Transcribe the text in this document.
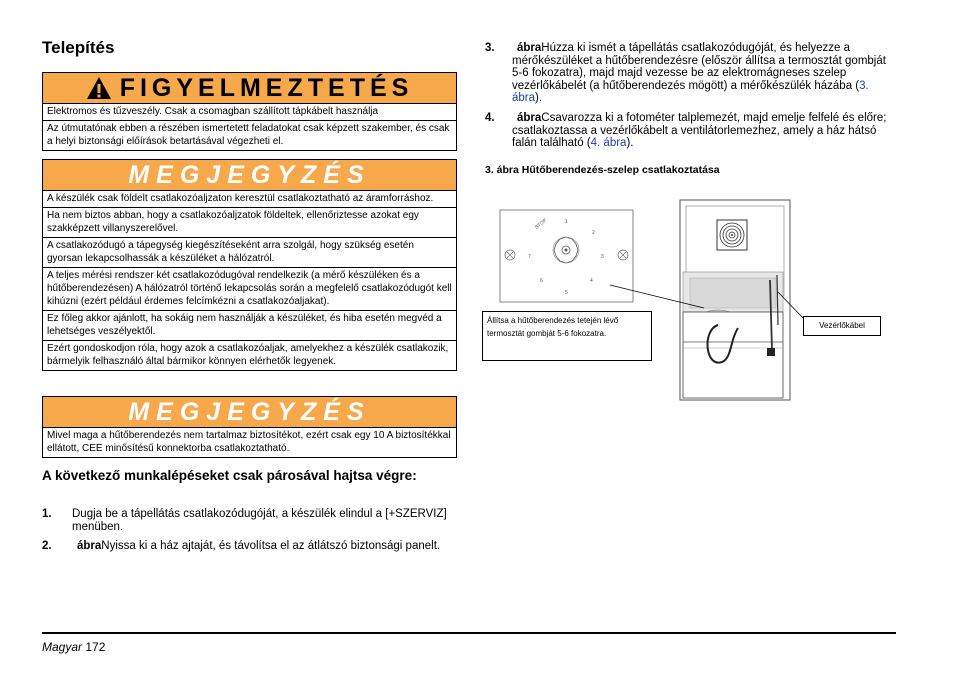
Telepítés
FIGYELMEZTETÉS
Elektromos és tűzveszély. Csak a csomagban szállított tápkábelt használja
Az útmutatónak ebben a részében ismertetett feladatokat csak képzett szakember, és csak a helyi biztonsági előírások betartásával végezheti el.
MEGJEGYZÉS
A készülék csak földelt csatlakozóaljzaton keresztül csatlakoztatható az áramforráshoz.
Ha nem biztos abban, hogy a csatlakozóaljzatok földeltek, ellenőriztesse azokat egy szakképzett villanyszerelővel.
A csatlakozódugó a tápegység kiegészítéseként arra szolgál, hogy szükség esetén gyorsan lekapcsolhassák a készüléket a hálózatról.
A teljes mérési rendszer két csatlakozódugóval rendelkezik (a mérő készüléken és a hűtőberendezésen) A hálózatról történő lekapcsolás során a megfelelő csatlakozódugót kell kihúzni (ezért például érdemes felcímkézni a csatlakozóaljakat).
Ez főleg akkor ajánlott, ha sokáig nem használják a készüléket, és hiba esetén megvéd a lehetséges veszélyektől.
Ezért gondoskodjon róla, hogy azok a csatlakozóaljak, amelyekhez a készülék csatlakozik, bármelyik felhasználó által bármikor könnyen elérhetők legyenek.
MEGJEGYZÉS
Mivel maga a hűtőberendezés nem tartalmaz biztosítékot, ezért csak egy 10 A biztosítékkal ellátott, CEE minősítésű konnektorba csatlakoztatható.
A következő munkalépéseket csak párosával hajtsa végre:
1. Dugja be a tápellátás csatlakozódugóját, a készülék elindul a [+SZERVIZ] menüben.
2.	ábraNyissa ki a ház ajtaját, és távolítsa el az átlátszó biztonsági panelt.
3.	ábraHúzza ki ismét a tápellátás csatlakozódugóját, és helyezze a mérőkészüléket a hűtőberendezésre (először állítsa a termosztát gombját 5-6 fokozatra), majd majd vezesse be az elektromágneses szelep vezérlőkábelét (a hűtőberendezés mögött) a mérőkészülék házába (3. ábra).
4.	ábraCsavarozza ki a fotométer talplemezét, majd emelje felfelé és előre; csatlakoztassa a vezérlőkábelt a ventilátorlemezhez, amely a ház hátsó falán található (4. ábra).
3. ábra Hűtőberendezés-szelep csatlakoztatása
STOP	1
2
3
4
5
6
7
Állítsa a hűtőberendezés tetején lévő termosztát gombját 5-6 fokozatra.
Vezérlőkábel
Magyar 172
